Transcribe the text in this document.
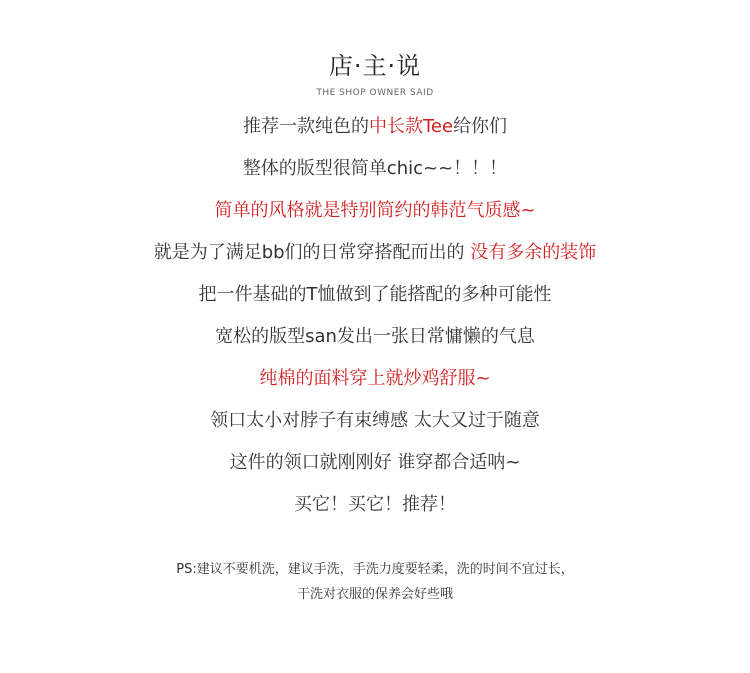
店·主·说
THE SHOP OWNER SAID
推荐一款纯色的中长款Tee给你们
整体的版型很简单chic~~！！！
简单的风格就是特别简约的韩范气质感~
就是为了满足bb们的日常穿搭配而出的 没有多余的装饰
把一件基础的T恤做到了能搭配的多种可能性
宽松的版型san发出一张日常慵懒的气息
纯棉的面料穿上就炒鸡舒服~
领口太小对脖子有束缚感 太大又过于随意
这件的领口就刚刚好 谁穿都合适呐~
买它！买它！推荐！
PS:建议不要机洗，建议手洗，手洗力度要轻柔，洗的时间不宜过长，
干洗对衣服的保养会好些哦
